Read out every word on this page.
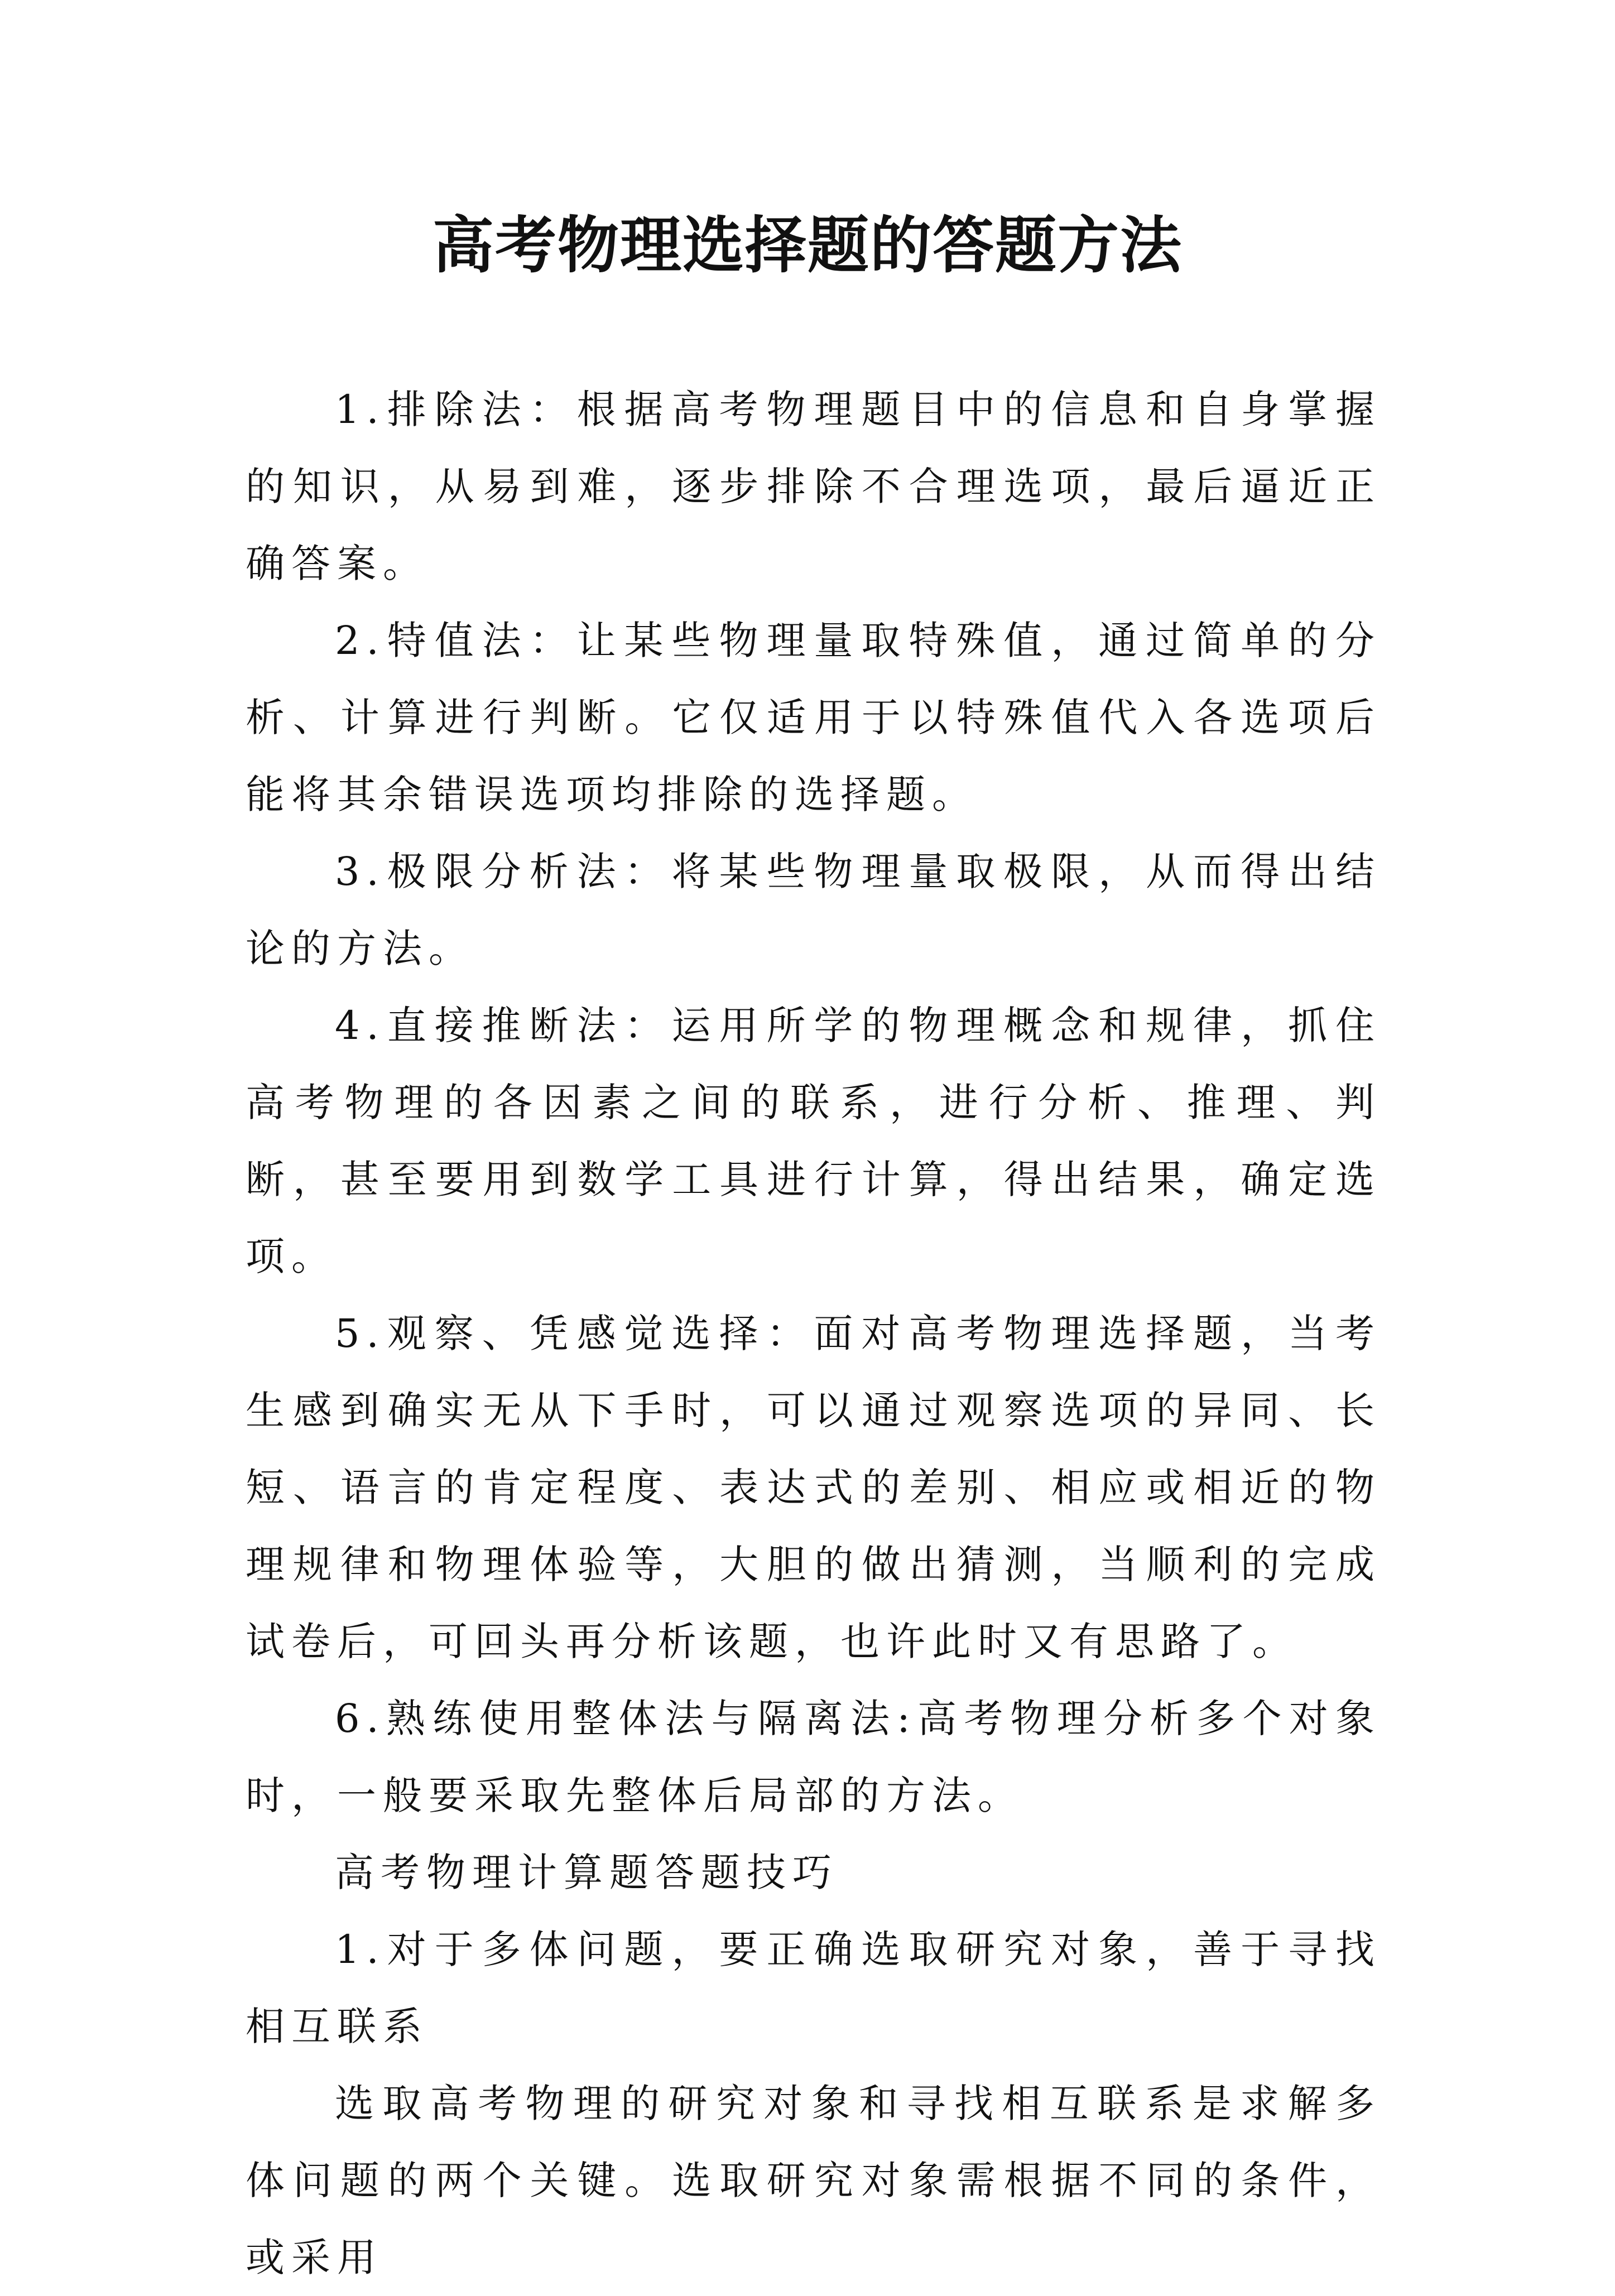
高考物理选择题的答题方法

1.排除法：根据高考物理题目中的信息和自身掌握的知识，从易到难，逐步排除不合理选项，最后逼近正确答案。

2.特值法：让某些物理量取特殊值，通过简单的分析、计算进行判断。它仅适用于以特殊值代入各选项后能将其余错误选项均排除的选择题。

3.极限分析法：将某些物理量取极限，从而得出结论的方法。

4.直接推断法：运用所学的物理概念和规律，抓住高考物理的各因素之间的联系，进行分析、推理、判断，甚至要用到数学工具进行计算，得出结果，确定选项。

5.观察、凭感觉选择：面对高考物理选择题，当考生感到确实无从下手时，可以通过观察选项的异同、长短、语言的肯定程度、表达式的差别、相应或相近的物理规律和物理体验等，大胆的做出猜测，当顺利的完成试卷后，可回头再分析该题，也许此时又有思路了。

6.熟练使用整体法与隔离法:高考物理分析多个对象时，一般要采取先整体后局部的方法。

高考物理计算题答题技巧

1.对于多体问题，要正确选取研究对象，善于寻找相互联系

选取高考物理的研究对象和寻找相互联系是求解多体问题的两个关键。选取研究对象需根据不同的条件，或采用
